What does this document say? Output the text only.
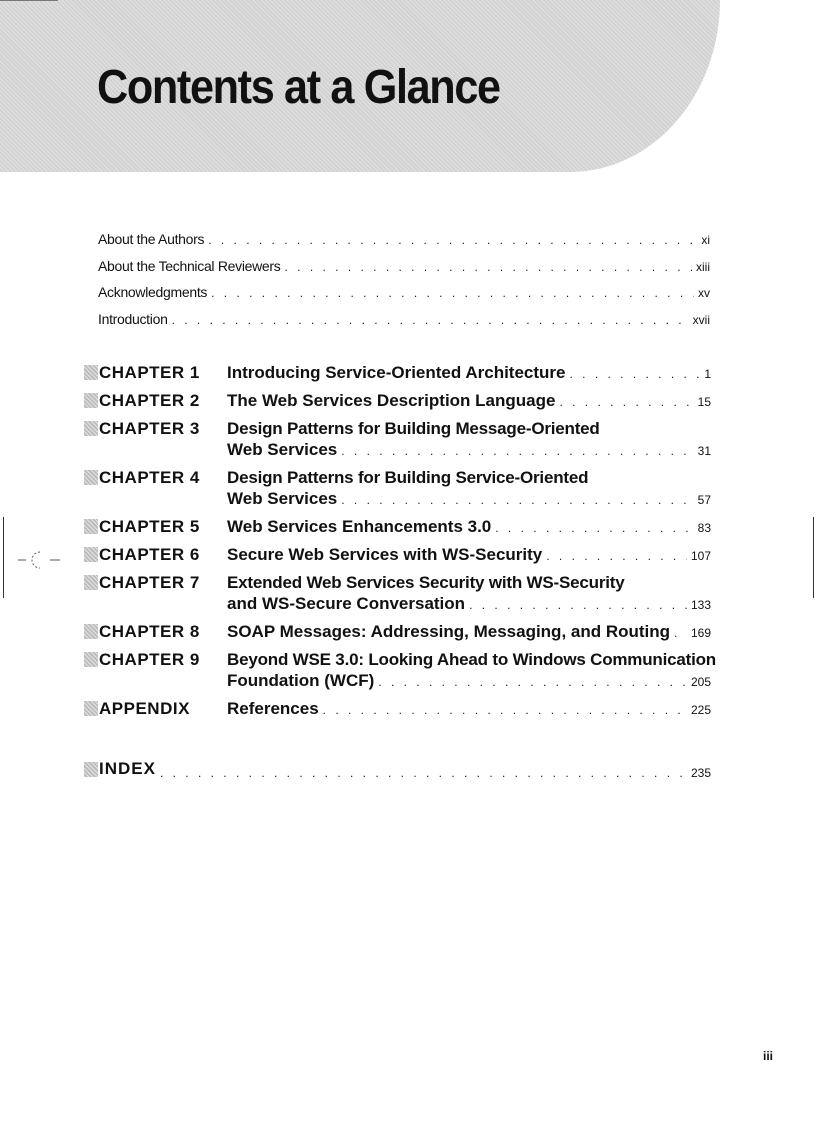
Contents at a Glance
About the Authors . . .	xi
About the Technical Reviewers . . .	xiii
Acknowledgments . . .	xv
Introduction . . .	xvii
CHAPTER 1 Introducing Service-Oriented Architecture . . .	1
CHAPTER 2 The Web Services Description Language . . .	15
CHAPTER 3 Design Patterns for Building Message-Oriented
Web Services . . .	31
CHAPTER 4 Design Patterns for Building Service-Oriented
Web Services . . .	57
CHAPTER 5 Web Services Enhancements 3.0 . . .	83
CHAPTER 6 Secure Web Services with WS-Security . . .	107
CHAPTER 7 Extended Web Services Security with WS-Security
and WS-Secure Conversation . . .	133
CHAPTER 8 SOAP Messages: Addressing, Messaging, and Routing . . . 169
CHAPTER 9 Beyond WSE 3.0: Looking Ahead to Windows Communication
Foundation (WCF) . . .	205
APPENDIX References . . .	225
INDEX . . .	235
iii
